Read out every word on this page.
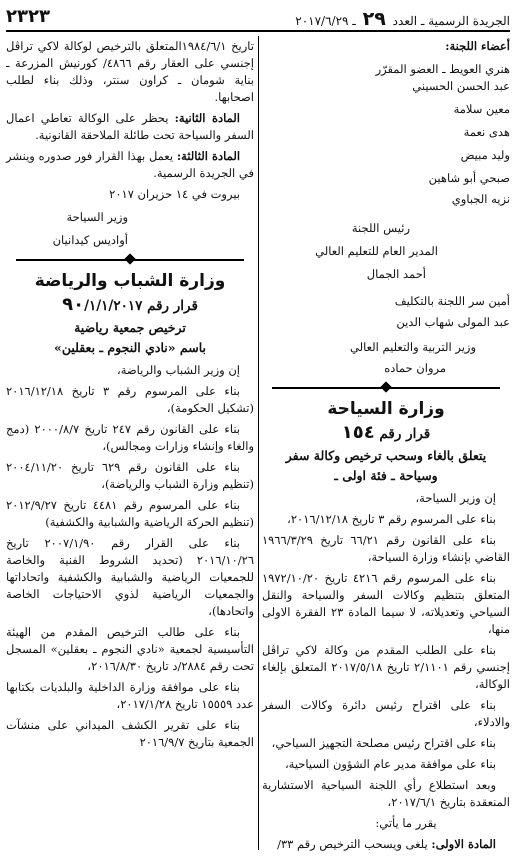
الجريدة الرسمية ـ العدد ٢٩ ـ ٢٠١٧/٦/٢٩
٢٣٢٣

أعضاء اللجنة:

هنري العويط ـ العضو المقرّر

عبد الحسن الحسيني

معين سلامة

هدى نعمة

وليد مبيض

صبحي أبو شاهين

نزيه الجباوي

رئيس اللجنة

المدير العام للتعليم العالي

أحمد الجمال

أمين سر اللجنة بالتكليف

عبد المولى شهاب الدين

وزير التربية والتعليم العالي

مروان حماده

وزارة السياحة

قرار رقم ١٥٤

يتعلق بالغاء وسحب ترخيص وكالة سفر

وسياحة ـ فئة اولى ـ

إن وزير السياحة،

بناء على المرسوم رقم ٣ تاريخ ٢٠١٦/١٢/١٨،

بناء على القانون رقم ٦٦/٢١ تاريخ ١٩٦٦/٣/٢٩ القاضي بإنشاء وزارة السياحة،

بناء على المرسوم رقم ٤٢١٦ تاريخ ١٩٧٢/١٠/٢٠ المتعلق بتنظيم وكالات السفر والسياحة والنقل السياحي وتعديلاته، لا سيما المادة ٢٣ الفقرة الاولى منها،

بناء على الطلب المقدم من وكالة لاكي تراڤل إجنسي رقم ٢/١١٠١ تاريخ ٢٠١٧/٥/١٨ المتعلق بإلغاء الوكالة،

بناء على اقتراح رئيس دائرة وكالات السفر والادلاء،

بناء على اقتراح رئيس مصلحة التجهيز السياحي،

بناء على موافقة مدير عام الشؤون السياحية،

وبعد استطلاع رأي اللجنة السياحية الاستشارية المنعقدة بتاريخ ٢٠١٧/٦/١،

يقرر ما يأتي:

المادة الاولى: يلغى ويسحب الترخيص رقم ٣٣/

تاريخ ١٩٨٤/٦/١المتعلق بالترخيص لوكالة لاكي تراڤل إجنسي على العقار رقم ٤٨٦٦/ كورنيش المزرعة ـ بناية شومان ـ كراون سنتر، وذلك بناء لطلب اصحابها.

المادة الثانية: يحظر على الوكالة تعاطي اعمال السفر والسياحة تحت طائلة الملاحقة القانونية.

المادة الثالثة: يعمل بهذا القرار فور صدوره وينشر في الجريدة الرسمية.

بيروت في ١٤ حزيران ٢٠١٧

وزير السياحة

أواديس كيدانيان

وزارة الشباب والرياضة

قرار رقم ٩٠/١/١/٢٠١٧

ترخيص جمعية رياضية

باسم «نادي النجوم ـ بعقلين»

إن وزير الشباب والرياضة،

بناء على المرسوم رقم ٣ تاريخ ٢٠١٦/١٢/١٨ (تشكيل الحكومة)،

بناء على القانون رقم ٢٤٧ تاريخ ٢٠٠٠/٨/٧ (دمج والغاء وإنشاء وزارات ومجالس)،

بناء على القانون رقم ٦٢٩ تاريخ ٢٠٠٤/١١/٢٠ (تنظيم وزارة الشباب والرياضة)،

بناء على المرسوم رقم ٤٤٨١ تاريخ ٢٠١٢/٩/٢٧ (تنظيم الحركة الرياضية والشبابية والكشفية)

بناء على القرار رقم ٢٠٠٧/١/٩٠ تاريخ ٢٠١٦/١٠/٢٦ (تحديد الشروط الفنية والخاصة للجمعيات الرياضية والشبابية والكشفية واتحاداتها والجمعيات الرياضية لذوي الاحتياجات الخاصة واتحادها)،

بناء على طالب الترخيص المقدم من الهيئة التأسيسية لجمعية «نادي النجوم ـ بعقلين» المسجل تحت رقم ٢٨٨٤/د تاريخ ٢٠١٦/٨/٣٠،

بناء على موافقة وزارة الداخلية والبلديات بكتابها عدد ١٥٥٥٩ تاريخ ٢٠١٧/١/٢٨،

بناء على تقرير الكشف الميداني على منشآت الجمعية بتاريخ ٢٠١٦/٩/٧
